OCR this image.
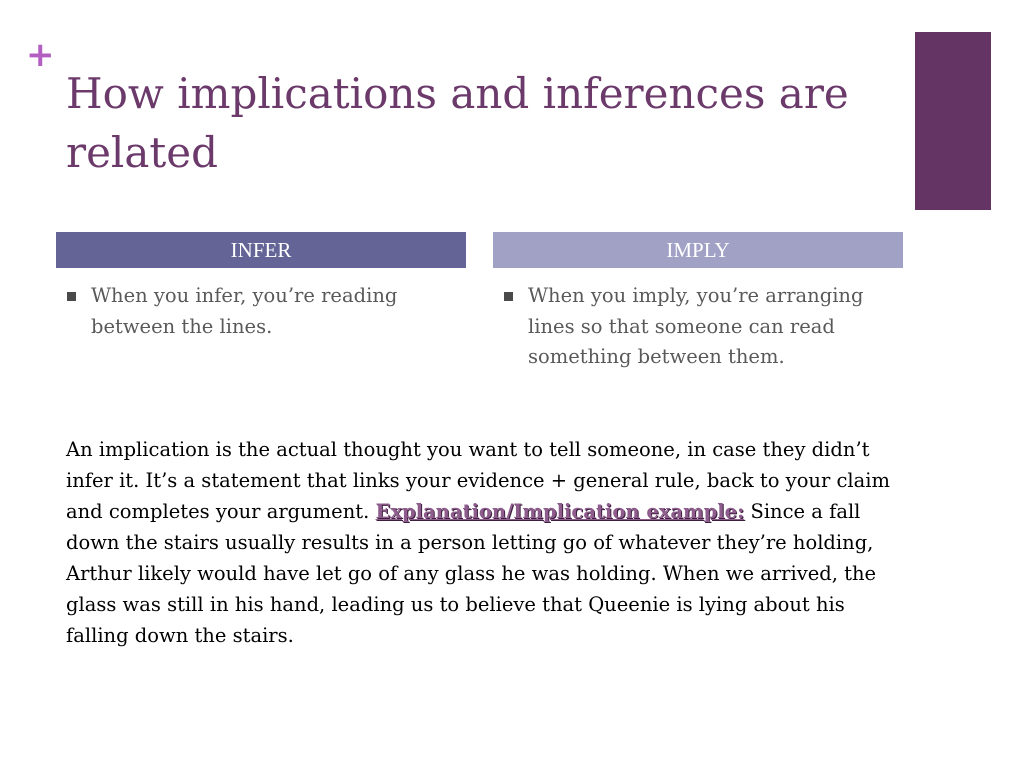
+
How implications and inferences are related
INFER	IMPLY
When you infer, you’re reading between the lines.
When you imply, you’re arranging lines so that someone can read something between them.

An implication is the actual thought you want to tell someone, in case they didn’t infer it. It’s a statement that links your evidence + general rule, back to your claim and completes your argument. Explanation/Implication example: Since a fall down the stairs usually results in a person letting go of whatever they’re holding, Arthur likely would have let go of any glass he was holding. When we arrived, the glass was still in his hand, leading us to believe that Queenie is lying about his falling down the stairs.
